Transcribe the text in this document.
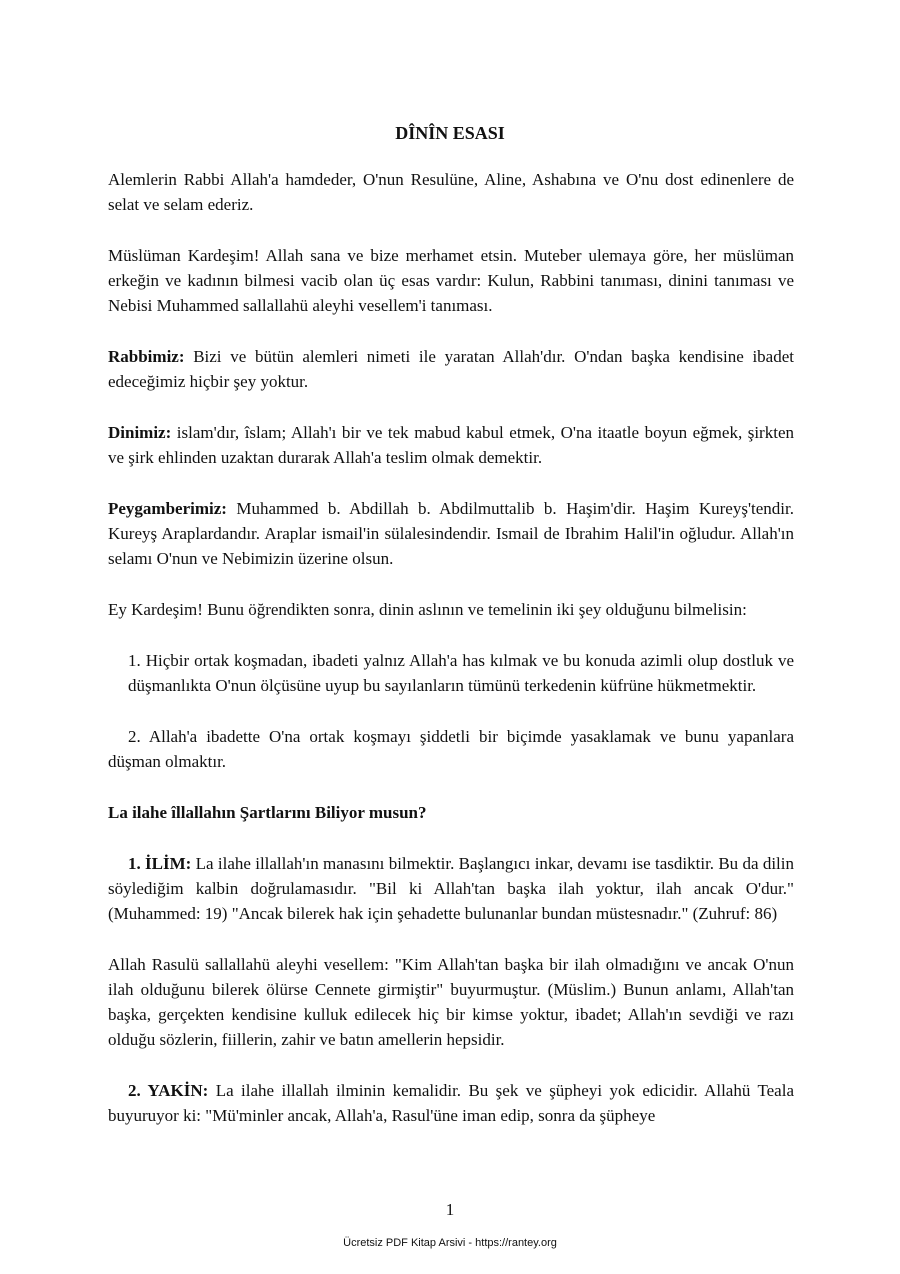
DÎNÎN ESASI

Alemlerin Rabbi Allah'a hamdeder, O'nun Resulüne, Aline, Ashabına ve O'nu dost edinenlere de selat ve selam ederiz.

Müslüman Kardeşim! Allah sana ve bize merhamet etsin. Muteber ulemaya göre, her müslüman erkeğin ve kadının bilmesi vacib olan üç esas vardır: Kulun, Rabbini tanıması, dinini tanıması ve Nebisi Muhammed sallallahü aleyhi vesellem'i tanıması.

Rabbimiz: Bizi ve bütün alemleri nimeti ile yaratan Allah'dır. O'ndan başka kendisine ibadet edeceğimiz hiçbir şey yoktur.

Dinimiz: islam'dır, îslam; Allah'ı bir ve tek mabud kabul etmek, O'na itaatle boyun eğmek, şirkten ve şirk ehlinden uzaktan durarak Allah'a teslim olmak demektir.

Peygamberimiz: Muhammed b. Abdillah b. Abdilmuttalib b. Haşim'dir. Haşim Kureyş'tendir. Kureyş Araplardandır. Araplar ismail'in sülalesindendir. Ismail de Ibrahim Halil'in oğludur. Allah'ın selamı O'nun ve Nebimizin üzerine olsun.

Ey Kardeşim! Bunu öğrendikten sonra, dinin aslının ve temelinin iki şey olduğunu bilmelisin:

1. Hiçbir ortak koşmadan, ibadeti yalnız Allah'a has kılmak ve bu konuda azimli olup dostluk ve düşmanlıkta O'nun ölçüsüne uyup bu sayılanların tümünü terkedenin küfrüne hükmetmektir.

2. Allah'a ibadette O'na ortak koşmayı şiddetli bir biçimde yasaklamak ve bunu yapanlara düşman olmaktır.

La ilahe îllallahın Şartlarını Biliyor musun?

1. İLİM: La ilahe illallah'ın manasını bilmektir. Başlangıcı inkar, devamı ise tasdiktir. Bu da dilin söylediğim kalbin doğrulamasıdır. "Bil ki Allah'tan başka ilah yoktur, ilah ancak O'dur."(Muhammed: 19) "Ancak bilerek hak için şehadette bulunanlar bundan müstesnadır." (Zuhruf: 86)

Allah Rasulü sallallahü aleyhi vesellem: "Kim Allah'tan başka bir ilah olmadığını ve ancak O'nun ilah olduğunu bilerek ölürse Cennete girmiştir" buyurmuştur. (Müslim.) Bunun anlamı, Allah'tan başka, gerçekten kendisine kulluk edilecek hiç bir kimse yoktur, ibadet; Allah'ın sevdiği ve razı olduğu sözlerin, fiillerin, zahir ve batın amellerin hepsidir.

2. YAKİN: La ilahe illallah ilminin kemalidir. Bu şek ve şüpheyi yok edicidir. Allahü Teala buyuruyor ki: "Mü'minler ancak, Allah'a, Rasul'üne iman edip, sonra da şüpheye

1
Ücretsiz PDF Kitap Arsivi - https://rantey.org
